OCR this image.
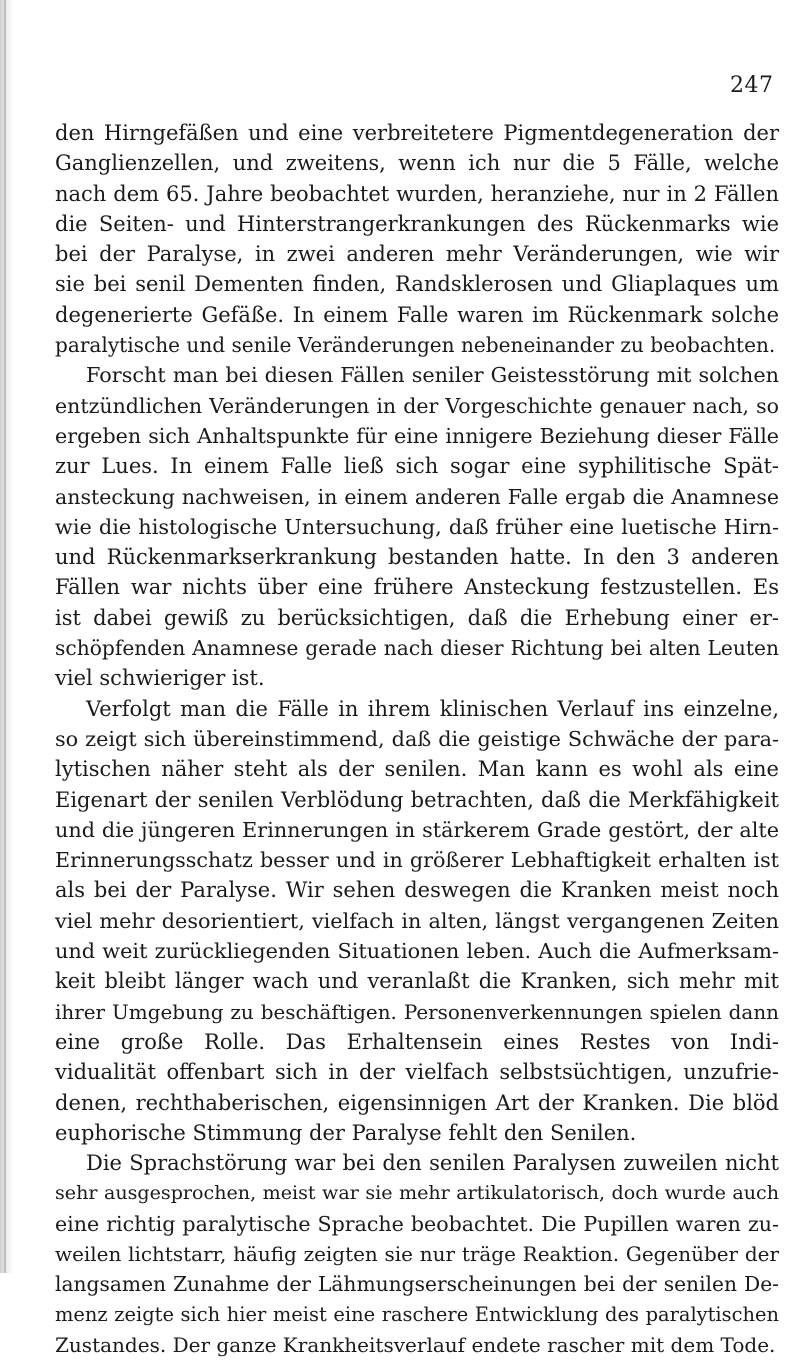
247
den Hirngefäßen und eine verbreitetere Pigmentdegeneration der
Ganglienzellen, und zweitens, wenn ich nur die 5 Fälle, welche
nach dem 65. Jahre beobachtet wurden, heranziehe, nur in 2 Fällen
die Seiten- und Hinterstrangerkrankungen des Rückenmarks wie
bei der Paralyse, in zwei anderen mehr Veränderungen, wie wir
sie bei senil Dementen finden, Randsklerosen und Gliaplaques um
degenerierte Gefäße. In einem Falle waren im Rückenmark solche
paralytische und senile Veränderungen nebeneinander zu beobachten.
Forscht man bei diesen Fällen seniler Geistesstörung mit solchen
entzündlichen Veränderungen in der Vorgeschichte genauer nach, so
ergeben sich Anhaltspunkte für eine innigere Beziehung dieser Fälle
zur Lues. In einem Falle ließ sich sogar eine syphilitische Spät-
ansteckung nachweisen, in einem anderen Falle ergab die Anamnese
wie die histologische Untersuchung, daß früher eine luetische Hirn-
und Rückenmarkserkrankung bestanden hatte. In den 3 anderen
Fällen war nichts über eine frühere Ansteckung festzustellen. Es
ist dabei gewiß zu berücksichtigen, daß die Erhebung einer er-
schöpfenden Anamnese gerade nach dieser Richtung bei alten Leuten
viel schwieriger ist.
Verfolgt man die Fälle in ihrem klinischen Verlauf ins einzelne,
so zeigt sich übereinstimmend, daß die geistige Schwäche der para-
lytischen näher steht als der senilen. Man kann es wohl als eine
Eigenart der senilen Verblödung betrachten, daß die Merkfähigkeit
und die jüngeren Erinnerungen in stärkerem Grade gestört, der alte
Erinnerungsschatz besser und in größerer Lebhaftigkeit erhalten ist
als bei der Paralyse. Wir sehen deswegen die Kranken meist noch
viel mehr desorientiert, vielfach in alten, längst vergangenen Zeiten
und weit zurückliegenden Situationen leben. Auch die Aufmerksam-
keit bleibt länger wach und veranlaßt die Kranken, sich mehr mit
ihrer Umgebung zu beschäftigen. Personenverkennungen spielen dann
eine große Rolle. Das Erhaltensein eines Restes von Indi-
vidualität offenbart sich in der vielfach selbstsüchtigen, unzufrie-
denen, rechthaberischen, eigensinnigen Art der Kranken. Die blöd
euphorische Stimmung der Paralyse fehlt den Senilen.
Die Sprachstörung war bei den senilen Paralysen zuweilen nicht
sehr ausgesprochen, meist war sie mehr artikulatorisch, doch wurde auch
eine richtig paralytische Sprache beobachtet. Die Pupillen waren zu-
weilen lichtstarr, häufig zeigten sie nur träge Reaktion. Gegenüber der
langsamen Zunahme der Lähmungserscheinungen bei der senilen De-
menz zeigte sich hier meist eine raschere Entwicklung des paralytischen
Zustandes. Der ganze Krankheitsverlauf endete rascher mit dem Tode.
